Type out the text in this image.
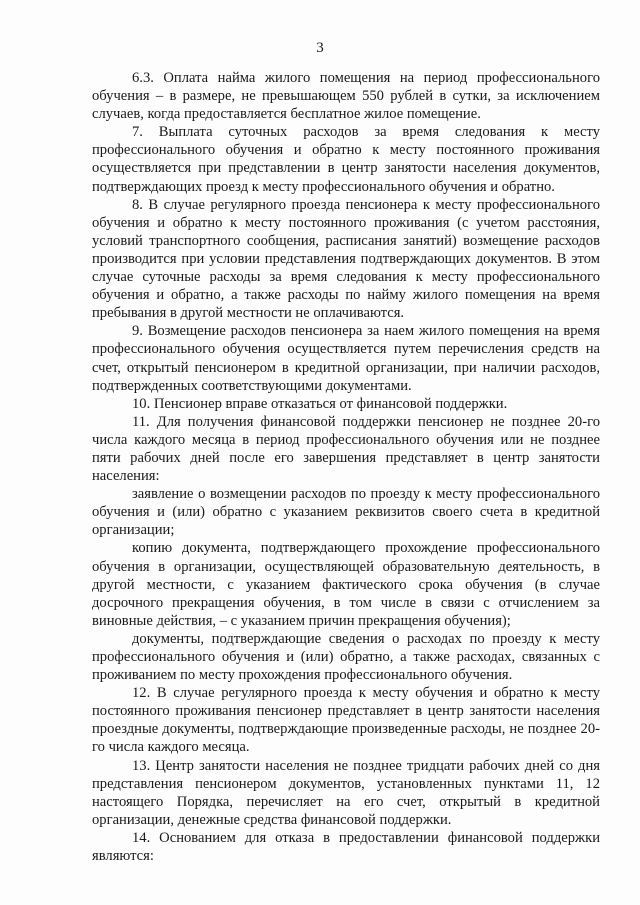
3

6.3. Оплата найма жилого помещения на период профессионального обучения – в размере, не превышающем 550 рублей в сутки, за исключением случаев, когда предоставляется бесплатное жилое помещение.

7. Выплата суточных расходов за время следования к месту профессионального обучения и обратно к месту постоянного проживания осуществляется при представлении в центр занятости населения документов, подтверждающих проезд к месту профессионального обучения и обратно.

8. В случае регулярного проезда пенсионера к месту профессионального обучения и обратно к месту постоянного проживания (с учетом расстояния, условий транспортного сообщения, расписания занятий) возмещение расходов производится при условии представления подтверждающих документов. В этом случае суточные расходы за время следования к месту профессионального обучения и обратно, а также расходы по найму жилого помещения на время пребывания в другой местности не оплачиваются.

9. Возмещение расходов пенсионера за наем жилого помещения на время профессионального обучения осуществляется путем перечисления средств на счет, открытый пенсионером в кредитной организации, при наличии расходов, подтвержденных соответствующими документами.

10. Пенсионер вправе отказаться от финансовой поддержки.

11. Для получения финансовой поддержки пенсионер не позднее 20-го числа каждого месяца в период профессионального обучения или не позднее пяти рабочих дней после его завершения представляет в центр занятости населения:

заявление о возмещении расходов по проезду к месту профессионального обучения и (или) обратно с указанием реквизитов своего счета в кредитной организации;

копию документа, подтверждающего прохождение профессионального обучения в организации, осуществляющей образовательную деятельность, в другой местности, с указанием фактического срока обучения (в случае досрочного прекращения обучения, в том числе в связи с отчислением за виновные действия, – с указанием причин прекращения обучения);

документы, подтверждающие сведения о расходах по проезду к месту профессионального обучения и (или) обратно, а также расходах, связанных с проживанием по месту прохождения профессионального обучения.

12. В случае регулярного проезда к месту обучения и обратно к месту постоянного проживания пенсионер представляет в центр занятости населения проездные документы, подтверждающие произведенные расходы, не позднее 20-го числа каждого месяца.

13. Центр занятости населения не позднее тридцати рабочих дней со дня представления пенсионером документов, установленных пунктами 11, 12 настоящего Порядка, перечисляет на его счет, открытый в кредитной организации, денежные средства финансовой поддержки.

14. Основанием для отказа в предоставлении финансовой поддержки являются:
